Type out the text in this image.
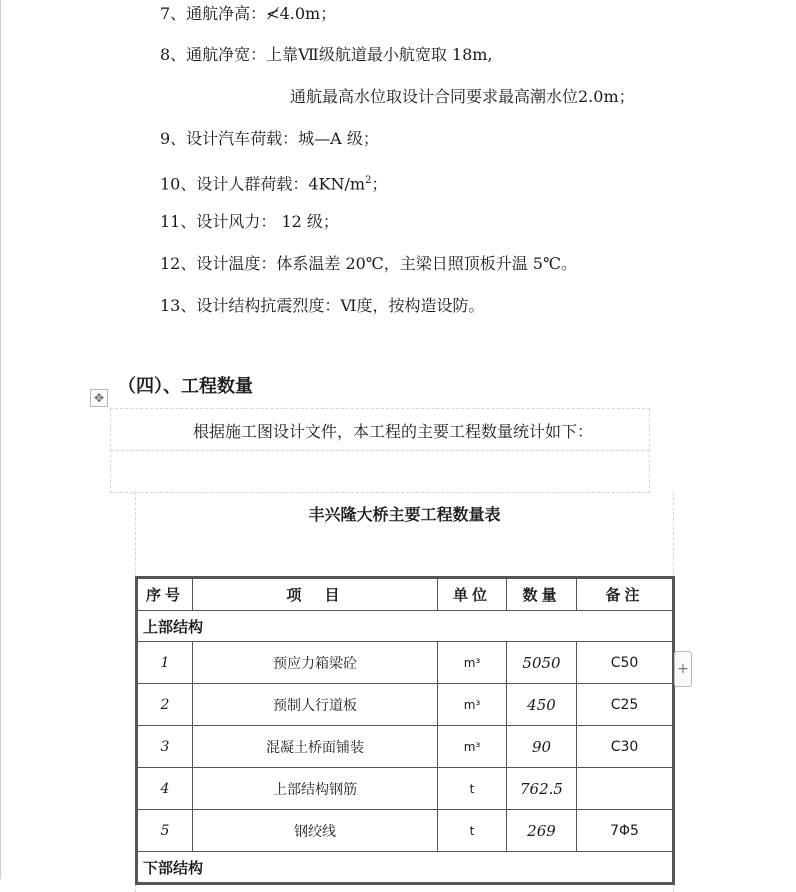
7、通航净高：≮4.0m；
8、通航净宽：上靠Ⅶ级航道最小航宽取 18m,
通航最高水位取设计合同要求最高潮水位2.0m；
9、设计汽车荷载：城—A 级；
10、设计人群荷载：$4KN/m^2$；
11、设计风力： 12 级；
12、设计温度：体系温差 20℃，主梁日照顶板升温 5℃。
13、设计结构抗震烈度：Ⅵ度，按构造设防。
✥
（四）、工程数量
根据施工图设计文件，本工程的主要工程数量统计如下：
丰兴隆大桥主要工程数量表
序号	项　目	单位	数量	备注
上部结构				
1	预应力箱梁砼	m³	5050	C50
2	预制人行道板	m³	450	C25
3	混凝土桥面铺装	m³	90	C30
4	上部结构钢筋	t	762.5	
5	钢绞线	t	269	7Φ5
下部结构				
+
